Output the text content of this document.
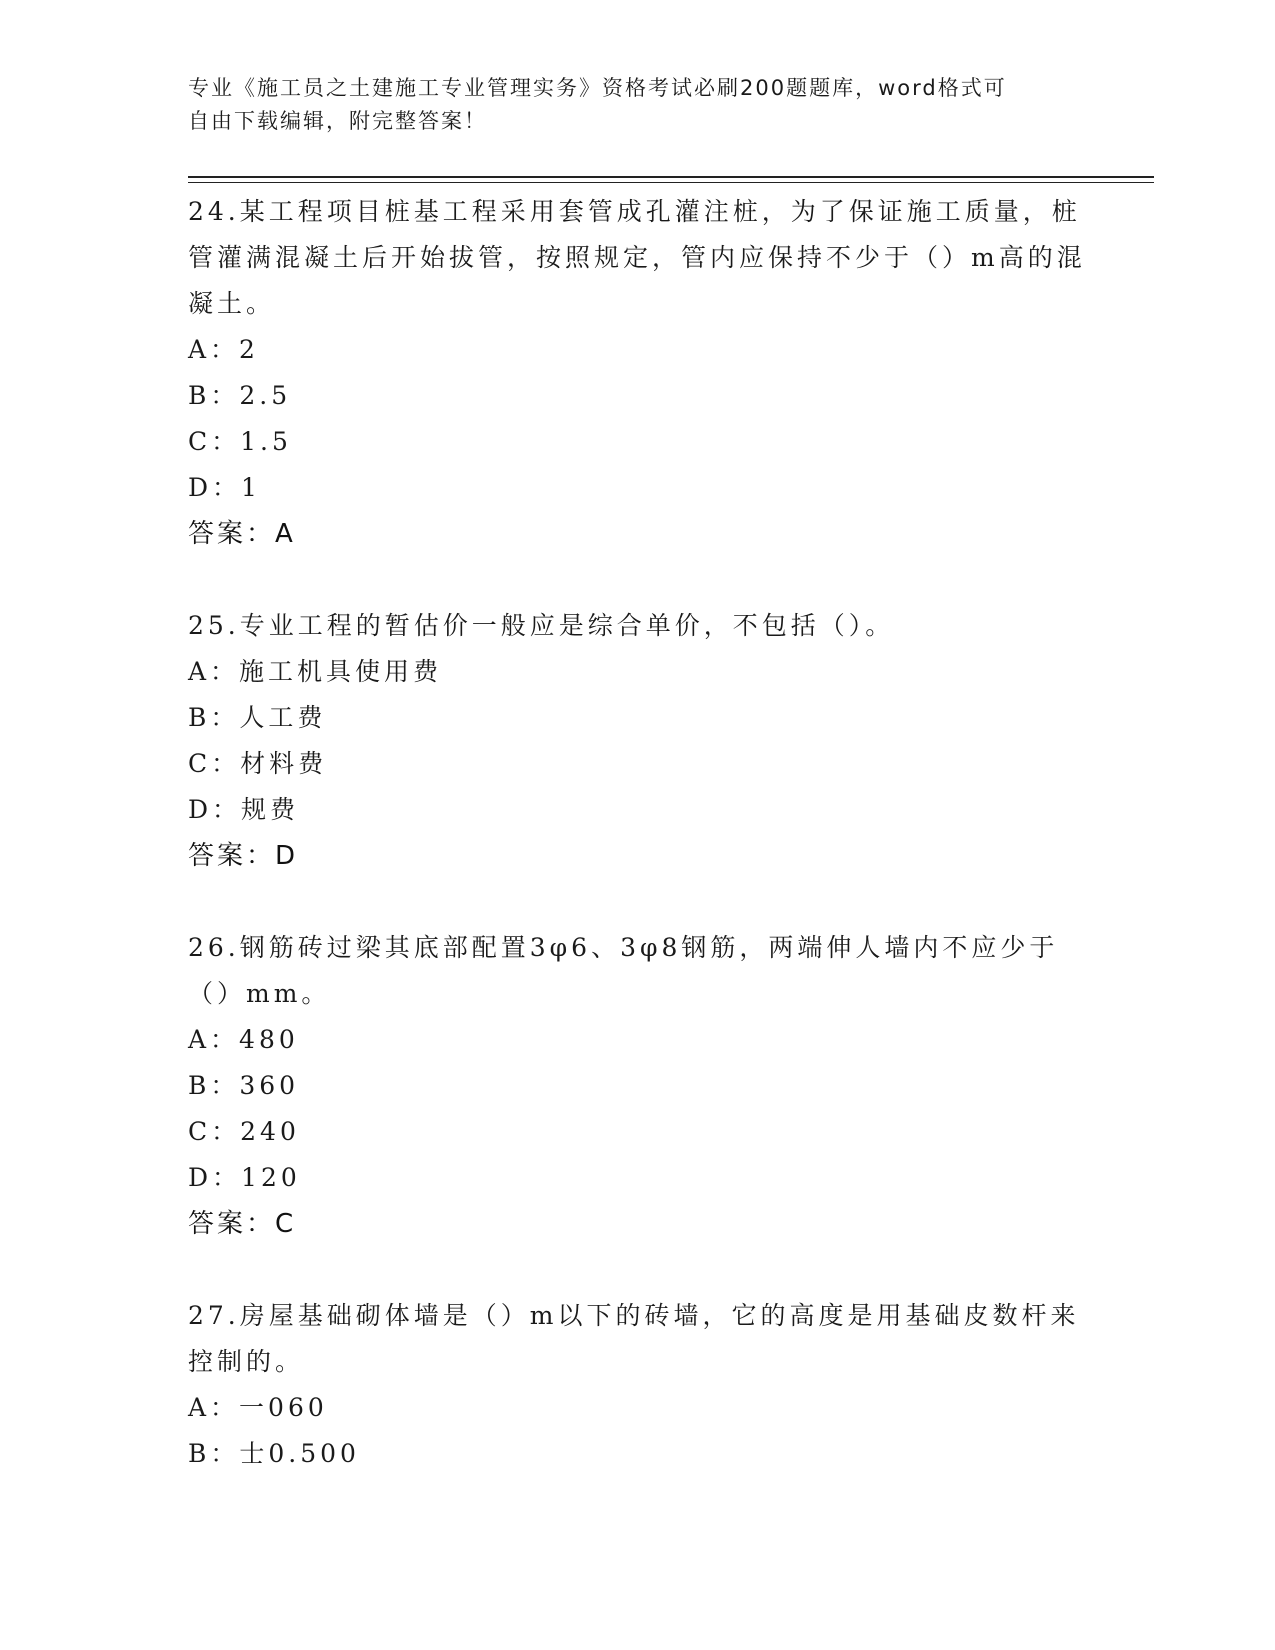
专业《施工员之土建施工专业管理实务》资格考试必刷200题题库，word格式可
自由下载编辑，附完整答案！

24.某工程项目桩基工程采用套管成孔灌注桩，为了保证施工质量，桩

管灌满混凝土后开始拔管，按照规定，管内应保持不少于（）m高的混

凝土。

A：2

B：2.5

C：1.5

D：1

答案：A

25.专业工程的暂估价一般应是综合单价，不包括（）。

A：施工机具使用费

B：人工费

C：材料费

D：规费

答案：D

26.钢筋砖过梁其底部配置3φ6、3φ8钢筋，两端伸人墙内不应少于

（）mm。

A：480

B：360

C：240

D：120

答案：C

27.房屋基础砌体墙是（）m以下的砖墙，它的高度是用基础皮数杆来

控制的。

A：一060

B：士0.500
